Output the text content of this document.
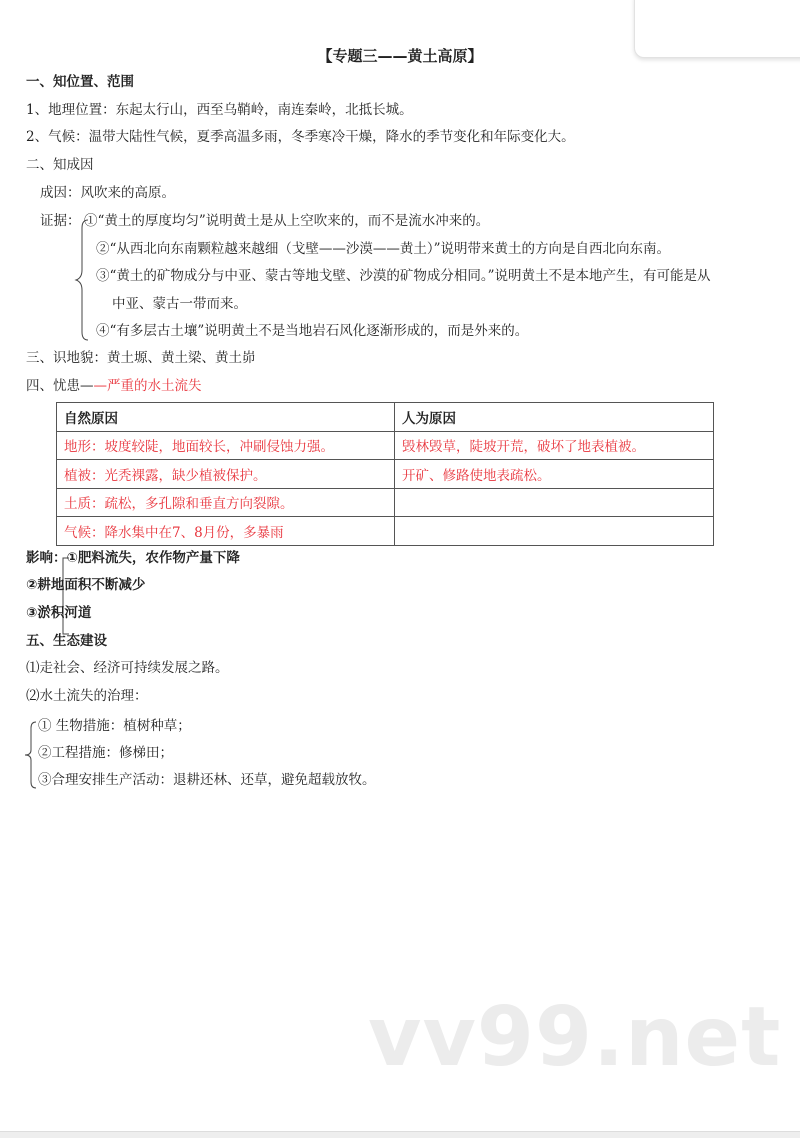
【专题三——黄土高原】
一、知位置、范围
1、地理位置：东起太行山，西至乌鞘岭，南连秦岭，北抵长城。
2、气候：温带大陆性气候，夏季高温多雨，冬季寒冷干燥，降水的季节变化和年际变化大。
二、知成因
成因：风吹来的高原。
证据： ①“黄土的厚度均匀”说明黄土是从上空吹来的，而不是流水冲来的。
②“从西北向东南颗粒越来越细（戈壁——沙漠——黄土）”说明带来黄土的方向是自西北向东南。
③“黄土的矿物成分与中亚、蒙古等地戈壁、沙漠的矿物成分相同。”说明黄土不是本地产生，有可能是从
中亚、蒙古一带而来。
④“有多层古土壤”说明黄土不是当地岩石风化逐渐形成的，而是外来的。
三、识地貌：黄土塬、黄土梁、黄土峁
四、忧患——严重的水土流失
自然原因	人为原因
地形：坡度较陡，地面较长，冲刷侵蚀力强。	毁林毁草，陡坡开荒，破坏了地表植被。
植被：光秃裸露，缺少植被保护。	开矿、修路使地表疏松。
土质：疏松，多孔隙和垂直方向裂隙。	
气候：降水集中在7、8月份，多暴雨	
影响：①肥料流失，农作物产量下降
②耕地面积不断减少
③淤积河道
五、生态建设
⑴走社会、经济可持续发展之路。
⑵水土流失的治理：
① 生物措施：植树种草；
②工程措施：修梯田；
③合理安排生产活动：退耕还林、还草，避免超载放牧。
vv99.net
